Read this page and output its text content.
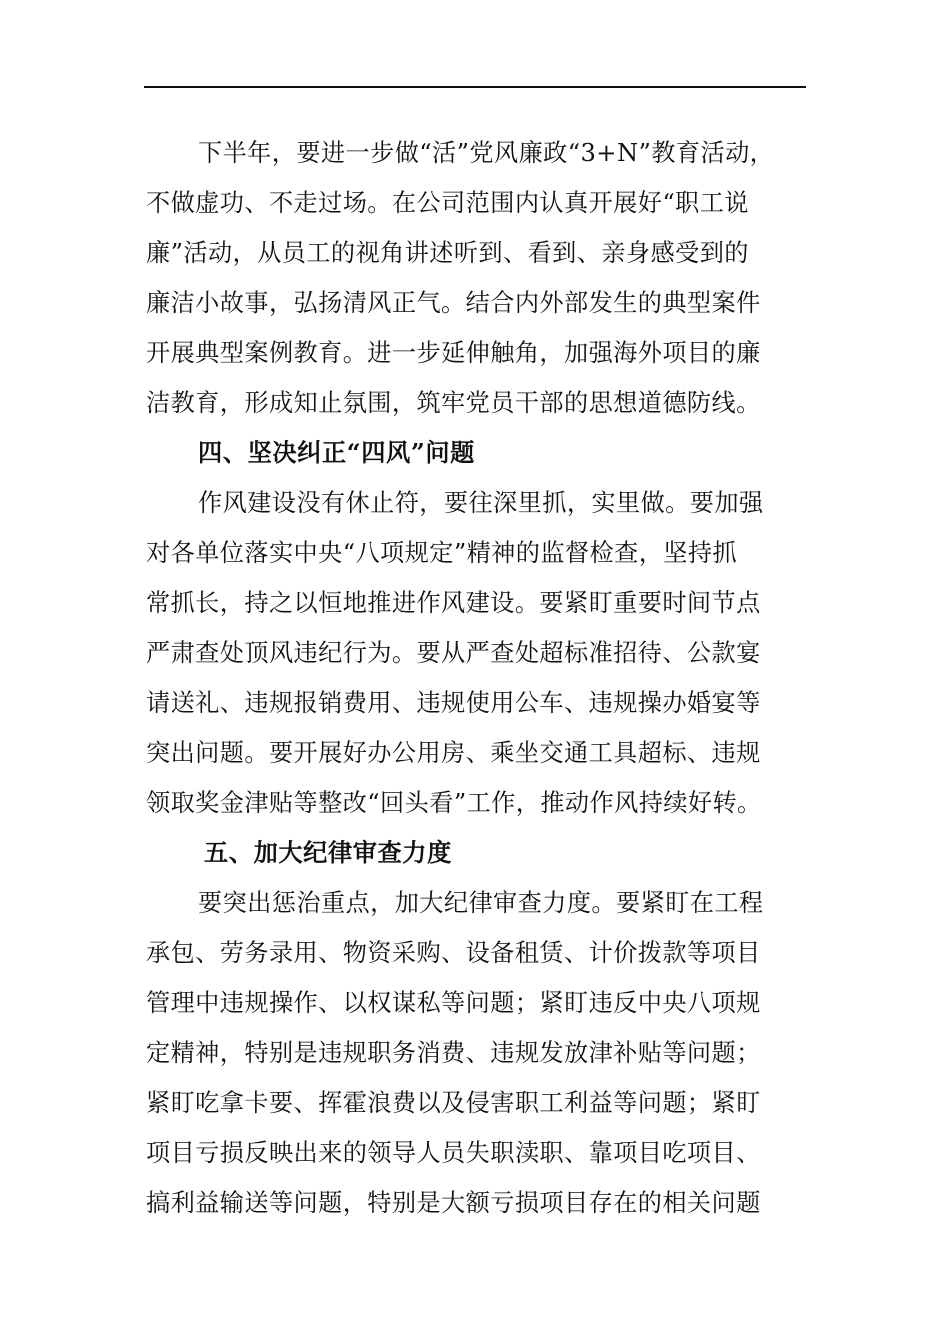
下半年，要进一步做“活”党风廉政“3+N”教育活动，
不做虚功、不走过场。在公司范围内认真开展好“职工说
廉”活动，从员工的视角讲述听到、看到、亲身感受到的
廉洁小故事，弘扬清风正气。结合内外部发生的典型案件
开展典型案例教育。进一步延伸触角，加强海外项目的廉
洁教育，形成知止氛围，筑牢党员干部的思想道德防线。
四、坚决纠正“四风”问题
作风建设没有休止符，要往深里抓，实里做。要加强
对各单位落实中央“八项规定”精神的监督检查，坚持抓
常抓长，持之以恒地推进作风建设。要紧盯重要时间节点
严肃查处顶风违纪行为。要从严查处超标准招待、公款宴
请送礼、违规报销费用、违规使用公车、违规操办婚宴等
突出问题。要开展好办公用房、乘坐交通工具超标、违规
领取奖金津贴等整改“回头看”工作，推动作风持续好转。
五、加大纪律审查力度
要突出惩治重点，加大纪律审查力度。要紧盯在工程
承包、劳务录用、物资采购、设备租赁、计价拨款等项目
管理中违规操作、以权谋私等问题；紧盯违反中央八项规
定精神，特别是违规职务消费、违规发放津补贴等问题；
紧盯吃拿卡要、挥霍浪费以及侵害职工利益等问题；紧盯
项目亏损反映出来的领导人员失职渎职、靠项目吃项目、
搞利益输送等问题，特别是大额亏损项目存在的相关问题
